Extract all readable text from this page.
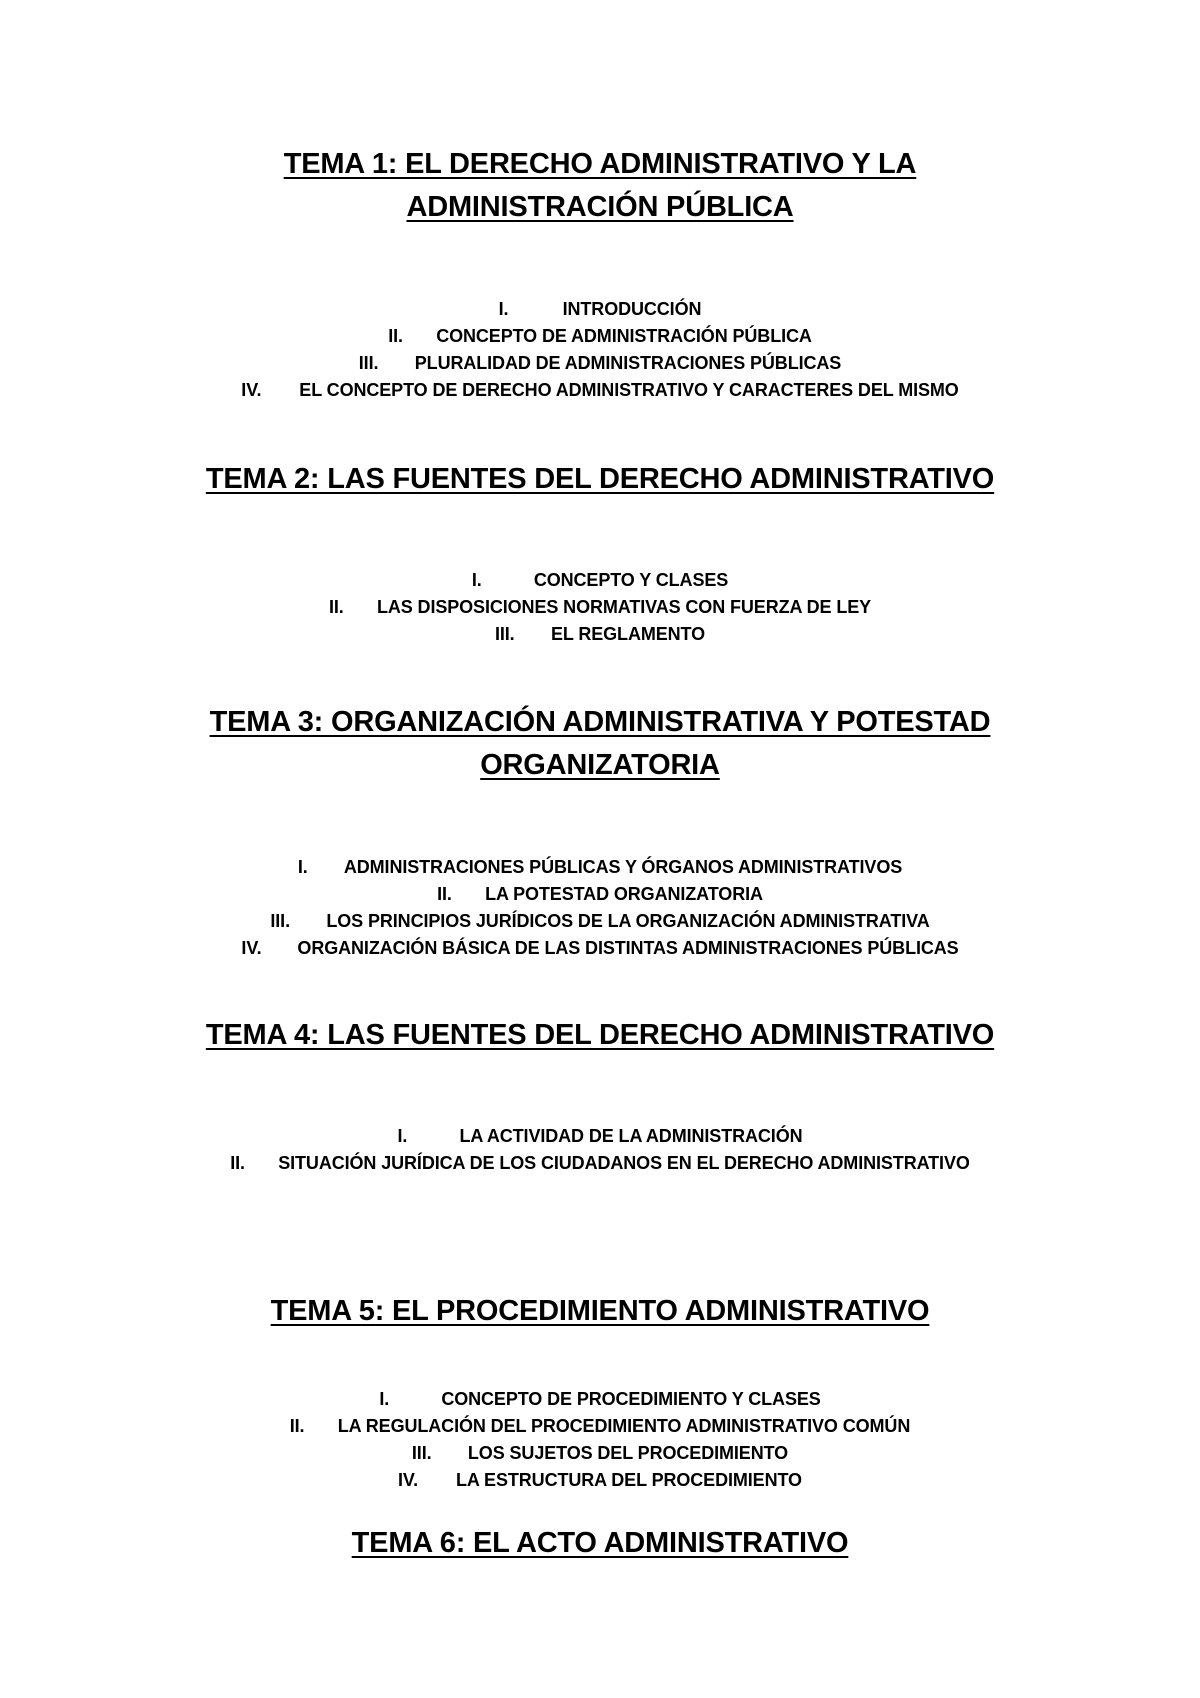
TEMA 1: EL DERECHO ADMINISTRATIVO Y LA
ADMINISTRACIÓN PÚBLICA
I.	INTRODUCCIÓN
II. CONCEPTO DE ADMINISTRACIÓN PÚBLICA
III. PLURALIDAD DE ADMINISTRACIONES PÚBLICAS
IV. EL CONCEPTO DE DERECHO ADMINISTRATIVO Y CARACTERES DEL MISMO
TEMA 2: LAS FUENTES DEL DERECHO ADMINISTRATIVO
I.	CONCEPTO Y CLASES
II. LAS DISPOSICIONES NORMATIVAS CON FUERZA DE LEY
III. EL REGLAMENTO
TEMA 3: ORGANIZACIÓN ADMINISTRATIVA Y POTESTAD
ORGANIZATORIA
I. ADMINISTRACIONES PÚBLICAS Y ÓRGANOS ADMINISTRATIVOS
II. LA POTESTAD ORGANIZATORIA
III. LOS PRINCIPIOS JURÍDICOS DE LA ORGANIZACIÓN ADMINISTRATIVA
IV. ORGANIZACIÓN BÁSICA DE LAS DISTINTAS ADMINISTRACIONES PÚBLICAS
TEMA 4: LAS FUENTES DEL DERECHO ADMINISTRATIVO
I.	LA ACTIVIDAD DE LA ADMINISTRACIÓN
II. SITUACIÓN JURÍDICA DE LOS CIUDADANOS EN EL DERECHO ADMINISTRATIVO
TEMA 5: EL PROCEDIMIENTO ADMINISTRATIVO
I.	CONCEPTO DE PROCEDIMIENTO Y CLASES
II. LA REGULACIÓN DEL PROCEDIMIENTO ADMINISTRATIVO COMÚN
III. LOS SUJETOS DEL PROCEDIMIENTO
IV. LA ESTRUCTURA DEL PROCEDIMIENTO
TEMA 6: EL ACTO ADMINISTRATIVO
